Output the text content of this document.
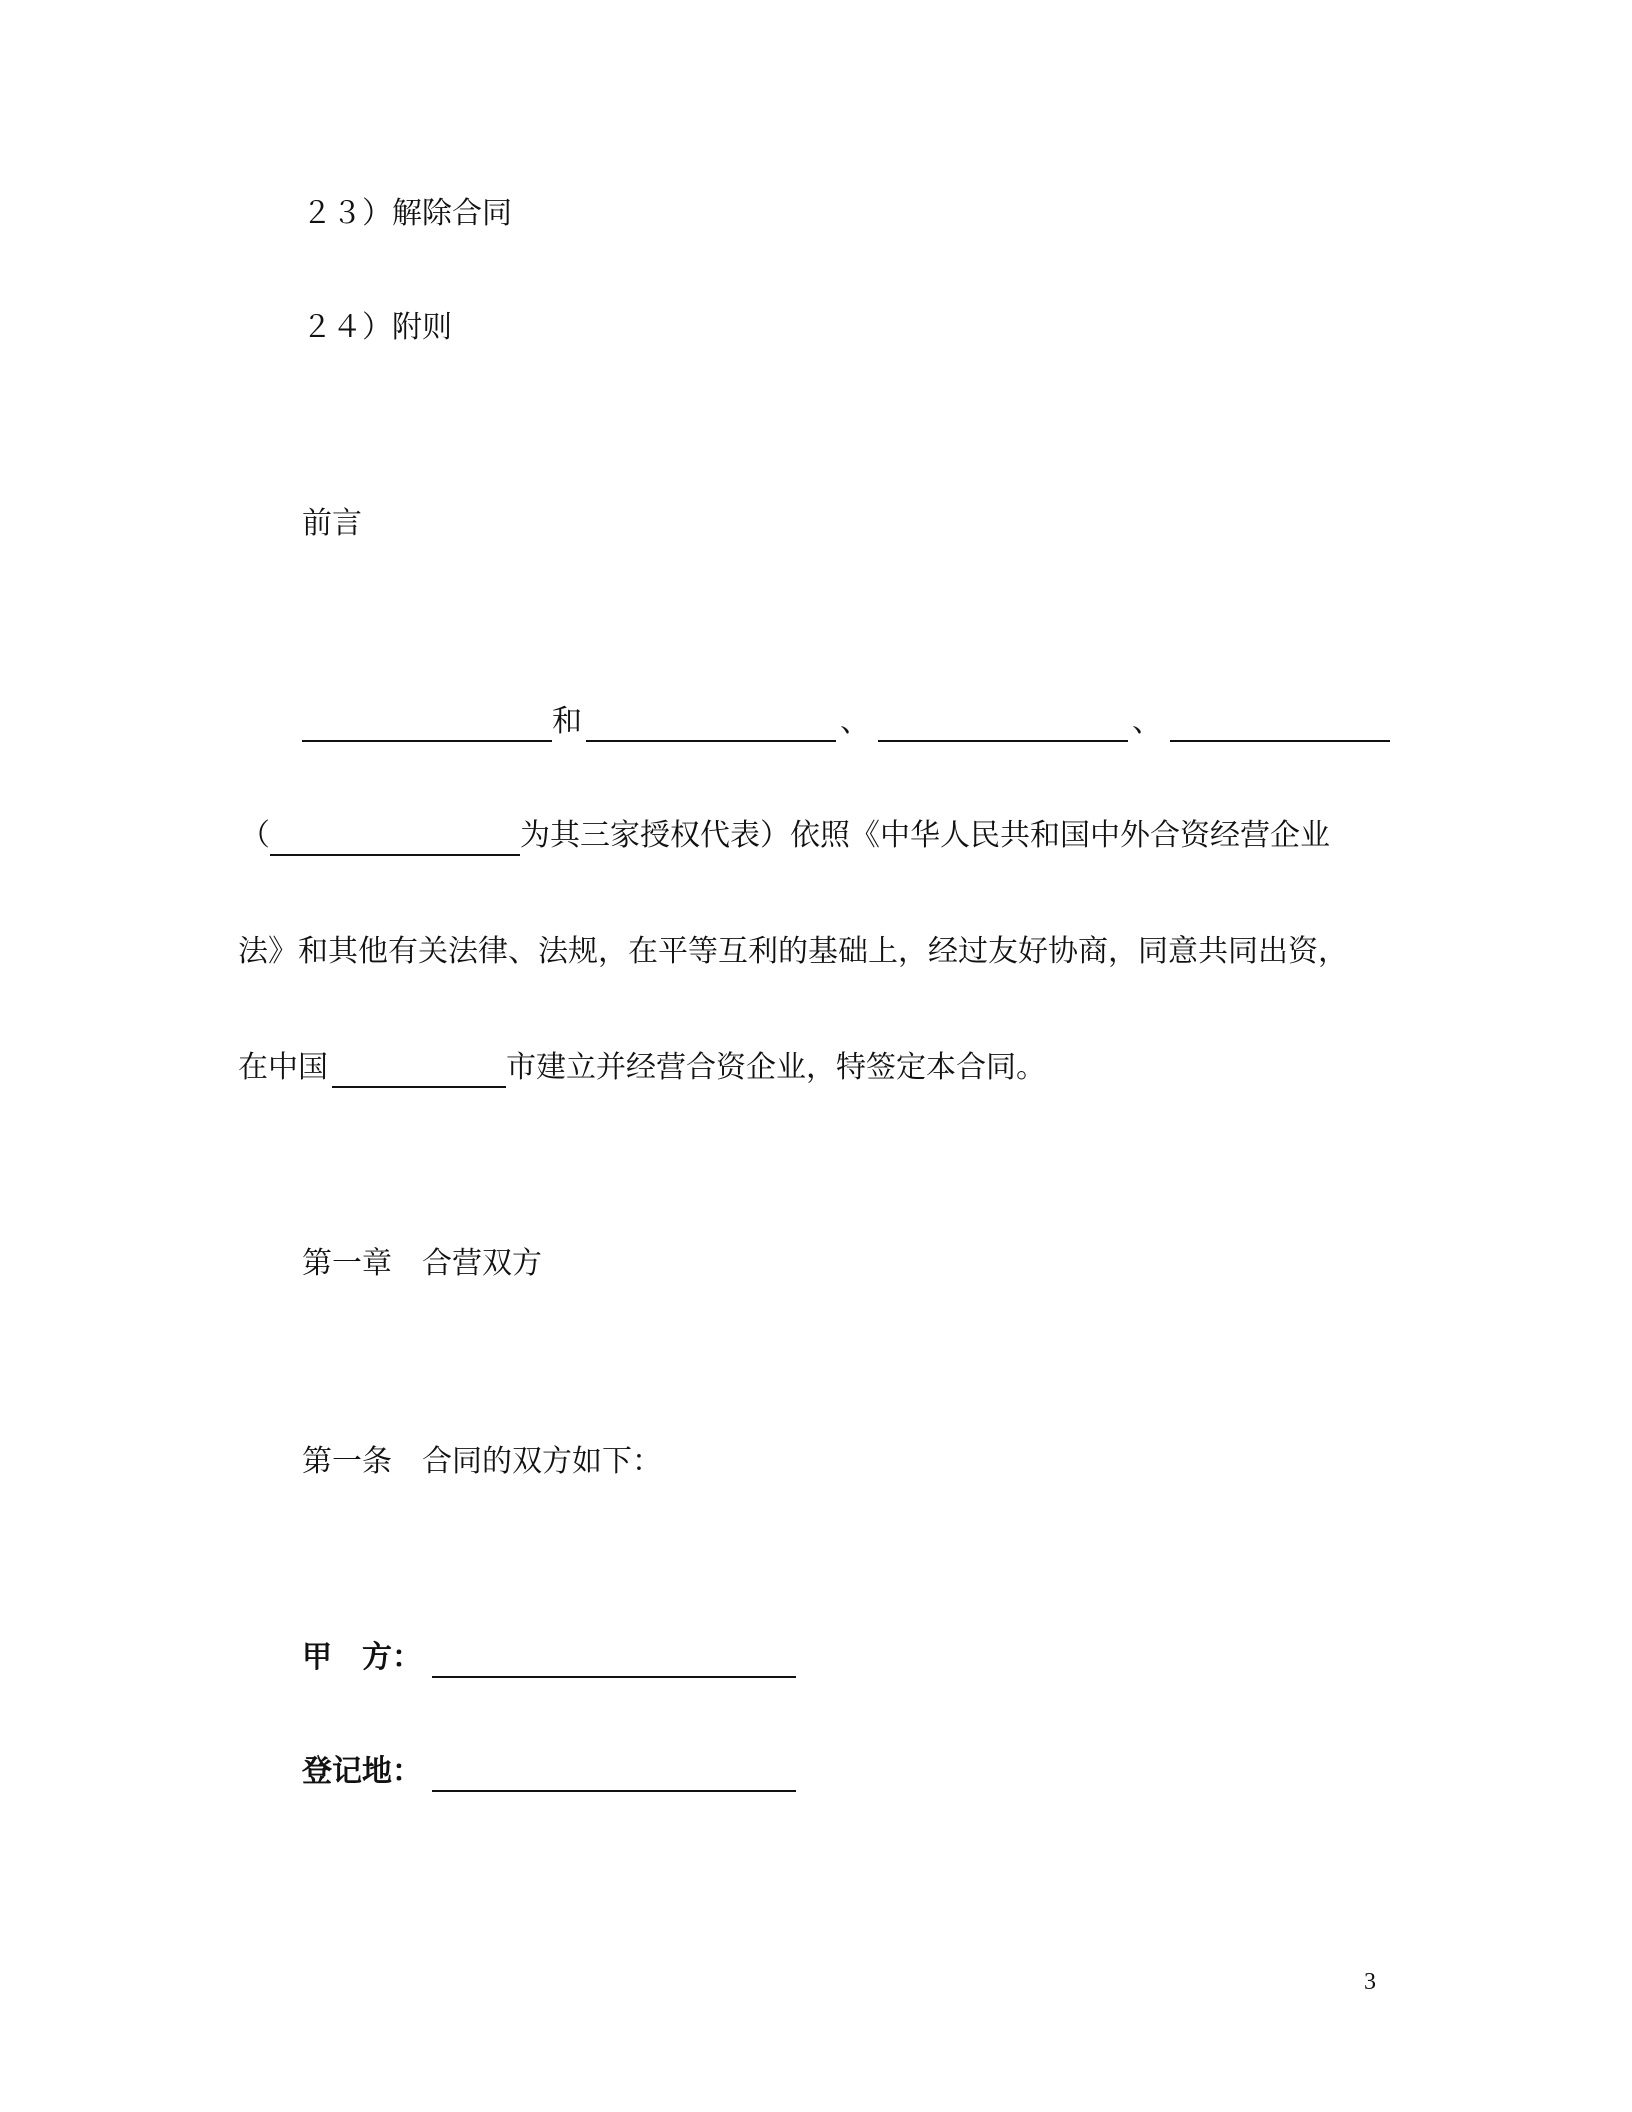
２３）解除合同
２４）附则
前言
和	、	、
（	为其三家授权代表）依照《中华人民共和国中外合资经营企业
法》和其他有关法律、法规，在平等互利的基础上，经过友好协商，同意共同出资，
在中国	市建立并经营合资企业，特签定本合同。
第一章　合营双方
第一条　合同的双方如下：
甲　方：
登记地：
3
